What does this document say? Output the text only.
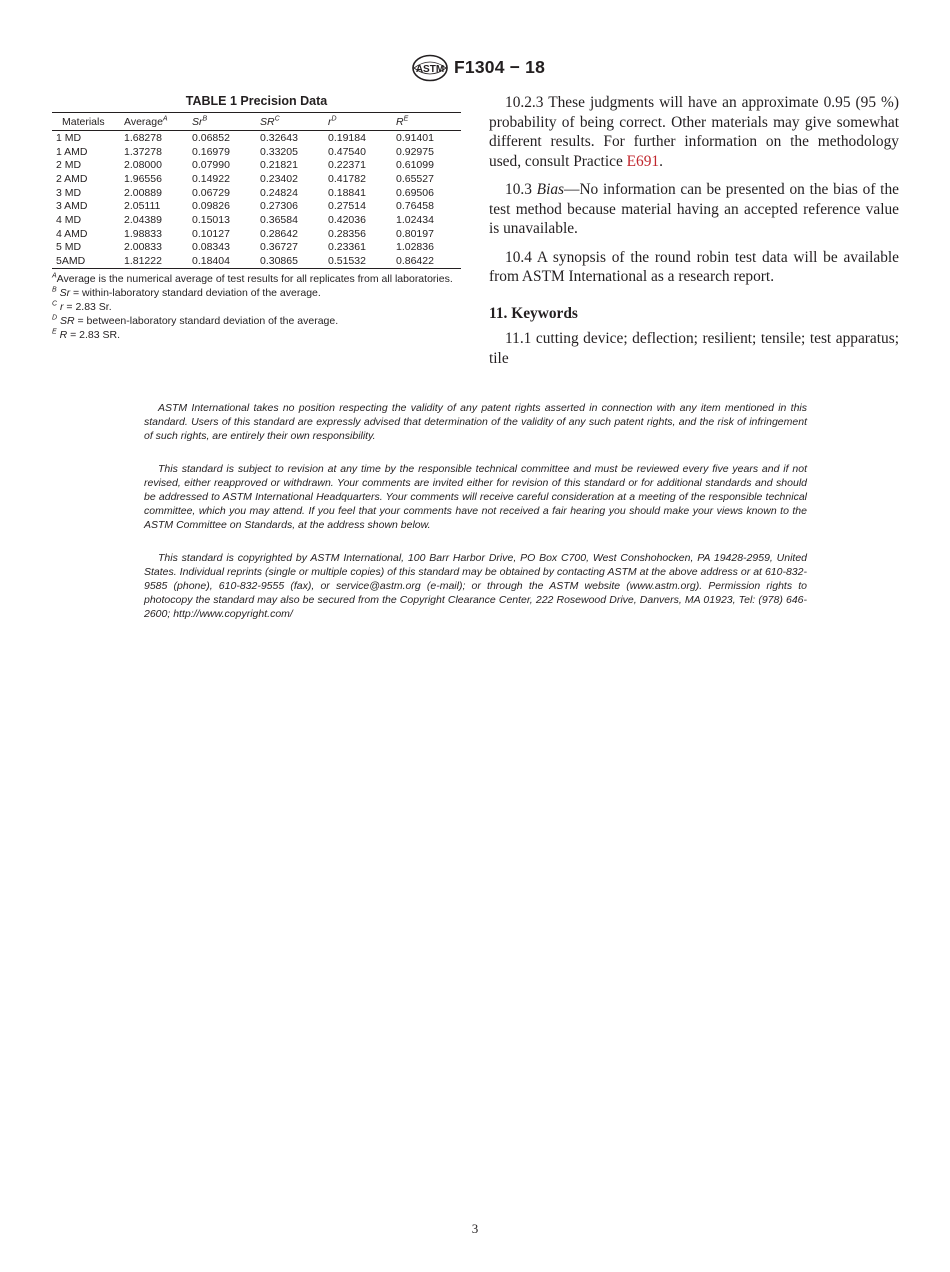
ASTM F1304 − 18
TABLE 1 Precision Data
Materials	Average$^A$	$Sr^B$	$SR^C$	$r^D$	$R^E$
1 MD	1.68278	0.06852	0.32643	0.19184	0.91401
1 AMD	1.37278	0.16979	0.33205	0.47540	0.92975
2 MD	2.08000	0.07990	0.21821	0.22371	0.61099
2 AMD	1.96556	0.14922	0.23402	0.41782	0.65527
3 MD	2.00889	0.06729	0.24824	0.18841	0.69506
3 AMD	2.05111	0.09826	0.27306	0.27514	0.76458
4 MD	2.04389	0.15013	0.36584	0.42036	1.02434
4 AMD	1.98833	0.10127	0.28642	0.28356	0.80197
5 MD	2.00833	0.08343	0.36727	0.23361	1.02836
5AMD	1.81222	0.18404	0.30865	0.51532	0.86422

$^A$Average is the numerical average of test results for all replicates from all laboratories.

$^B$ Sr = within-laboratory standard deviation of the average.

$^C$ r = 2.83 Sr.

$^D$ SR = between-laboratory standard deviation of the average.

$^E$ R = 2.83 SR.

10.2.3 These judgments will have an approximate 0.95 (95 %) probability of being correct. Other materials may give somewhat different results. For further information on the methodology used, consult Practice E691.

10.3 Bias—No information can be presented on the bias of the test method because material having an accepted reference value is unavailable.

10.4 A synopsis of the round robin test data will be available from ASTM International as a research report.

11. Keywords

11.1 cutting device; deflection; resilient; tensile; test apparatus; tile

ASTM International takes no position respecting the validity of any patent rights asserted in connection with any item mentioned in this standard. Users of this standard are expressly advised that determination of the validity of any such patent rights, and the risk of infringement of such rights, are entirely their own responsibility.

This standard is subject to revision at any time by the responsible technical committee and must be reviewed every five years and if not revised, either reapproved or withdrawn. Your comments are invited either for revision of this standard or for additional standards and should be addressed to ASTM International Headquarters. Your comments will receive careful consideration at a meeting of the responsible technical committee, which you may attend. If you feel that your comments have not received a fair hearing you should make your views known to the ASTM Committee on Standards, at the address shown below.

This standard is copyrighted by ASTM International, 100 Barr Harbor Drive, PO Box C700, West Conshohocken, PA 19428-2959, United States. Individual reprints (single or multiple copies) of this standard may be obtained by contacting ASTM at the above address or at 610-832-9585 (phone), 610-832-9555 (fax), or service@astm.org (e-mail); or through the ASTM website (www.astm.org). Permission rights to photocopy the standard may also be secured from the Copyright Clearance Center, 222 Rosewood Drive, Danvers, MA 01923, Tel: (978) 646-2600; http://www.copyright.com/

3
